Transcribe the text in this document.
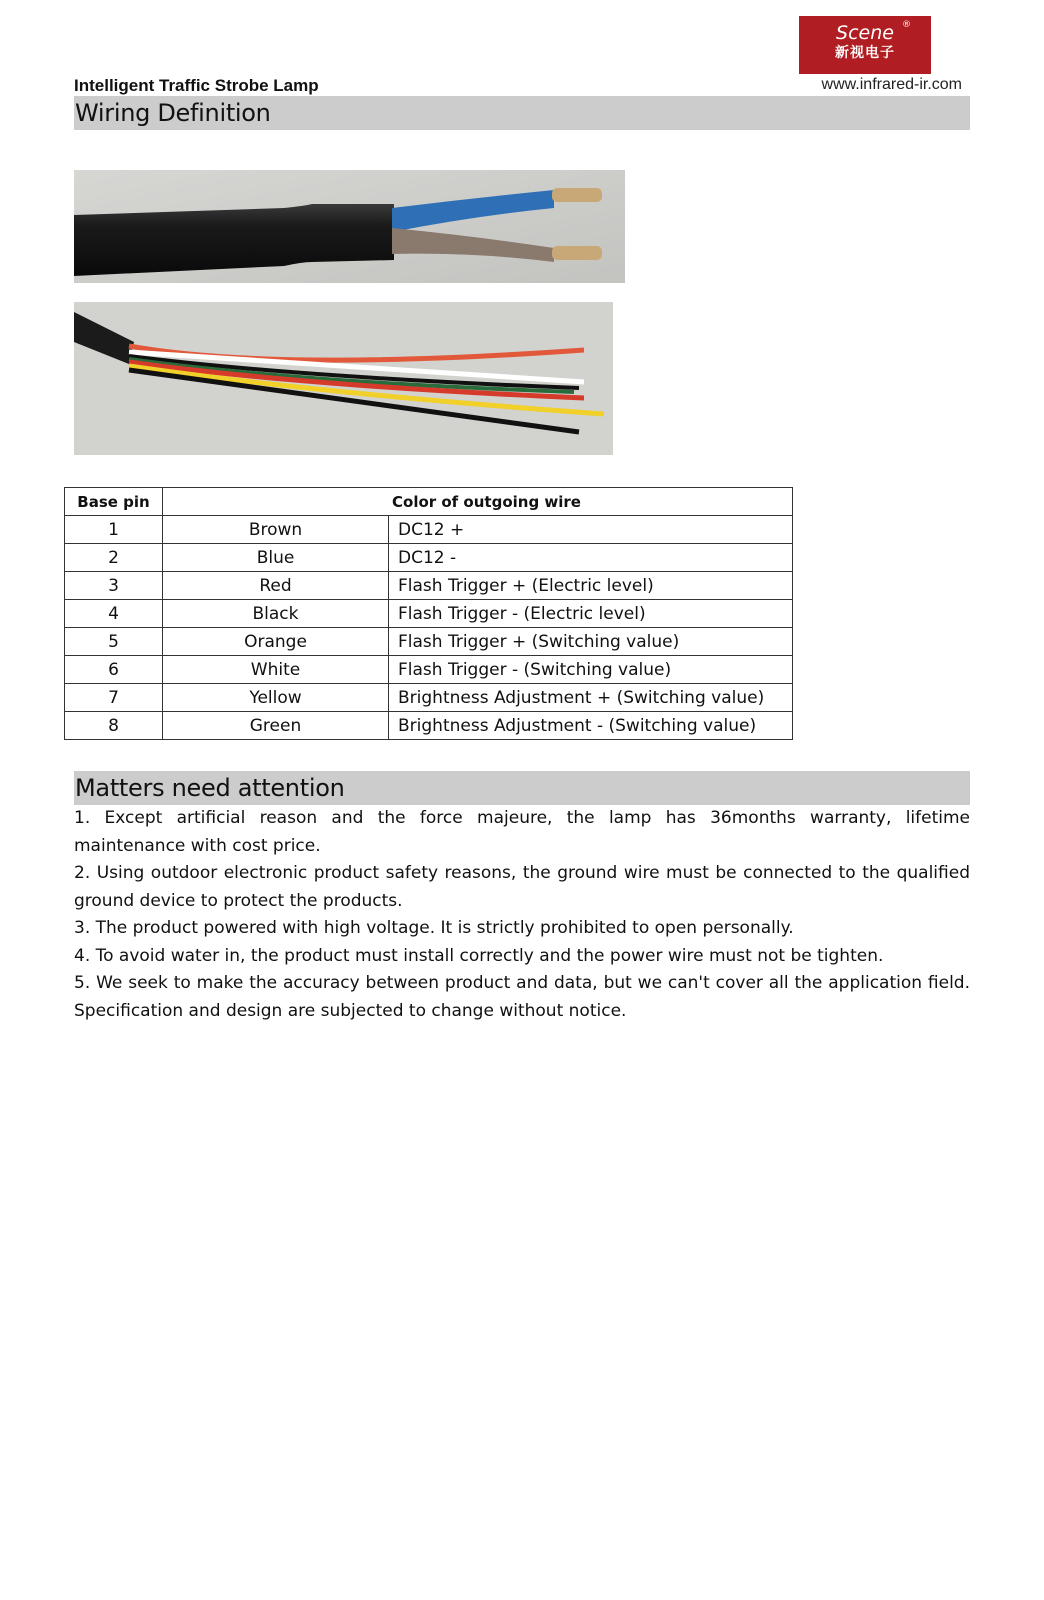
Scene ®
新视电子
Intelligent Traffic Strobe Lamp	www.infrared-ir.com
Wiring Definition
Base pin	Color of outgoing wire	
1	Brown	DC12 +
2	Blue	DC12 -
3	Red	Flash Trigger + (Electric level)
4	Black	Flash Trigger - (Electric level)
5	Orange	Flash Trigger + (Switching value)
6	White	Flash Trigger - (Switching value)
7	Yellow	Brightness Adjustment + (Switching value)
8	Green	Brightness Adjustment - (Switching value)
Matters need attention

1. Except artificial reason and the force majeure, the lamp has 36months warranty, lifetime maintenance with cost price.

2. Using outdoor electronic product safety reasons, the ground wire must be connected to the qualified ground device to protect the products.

3. The product powered with high voltage. It is strictly prohibited to open personally.

4. To avoid water in, the product must install correctly and the power wire must not be tighten.

5. We seek to make the accuracy between product and data, but we can't cover all the application field. Specification and design are subjected to change without notice.
